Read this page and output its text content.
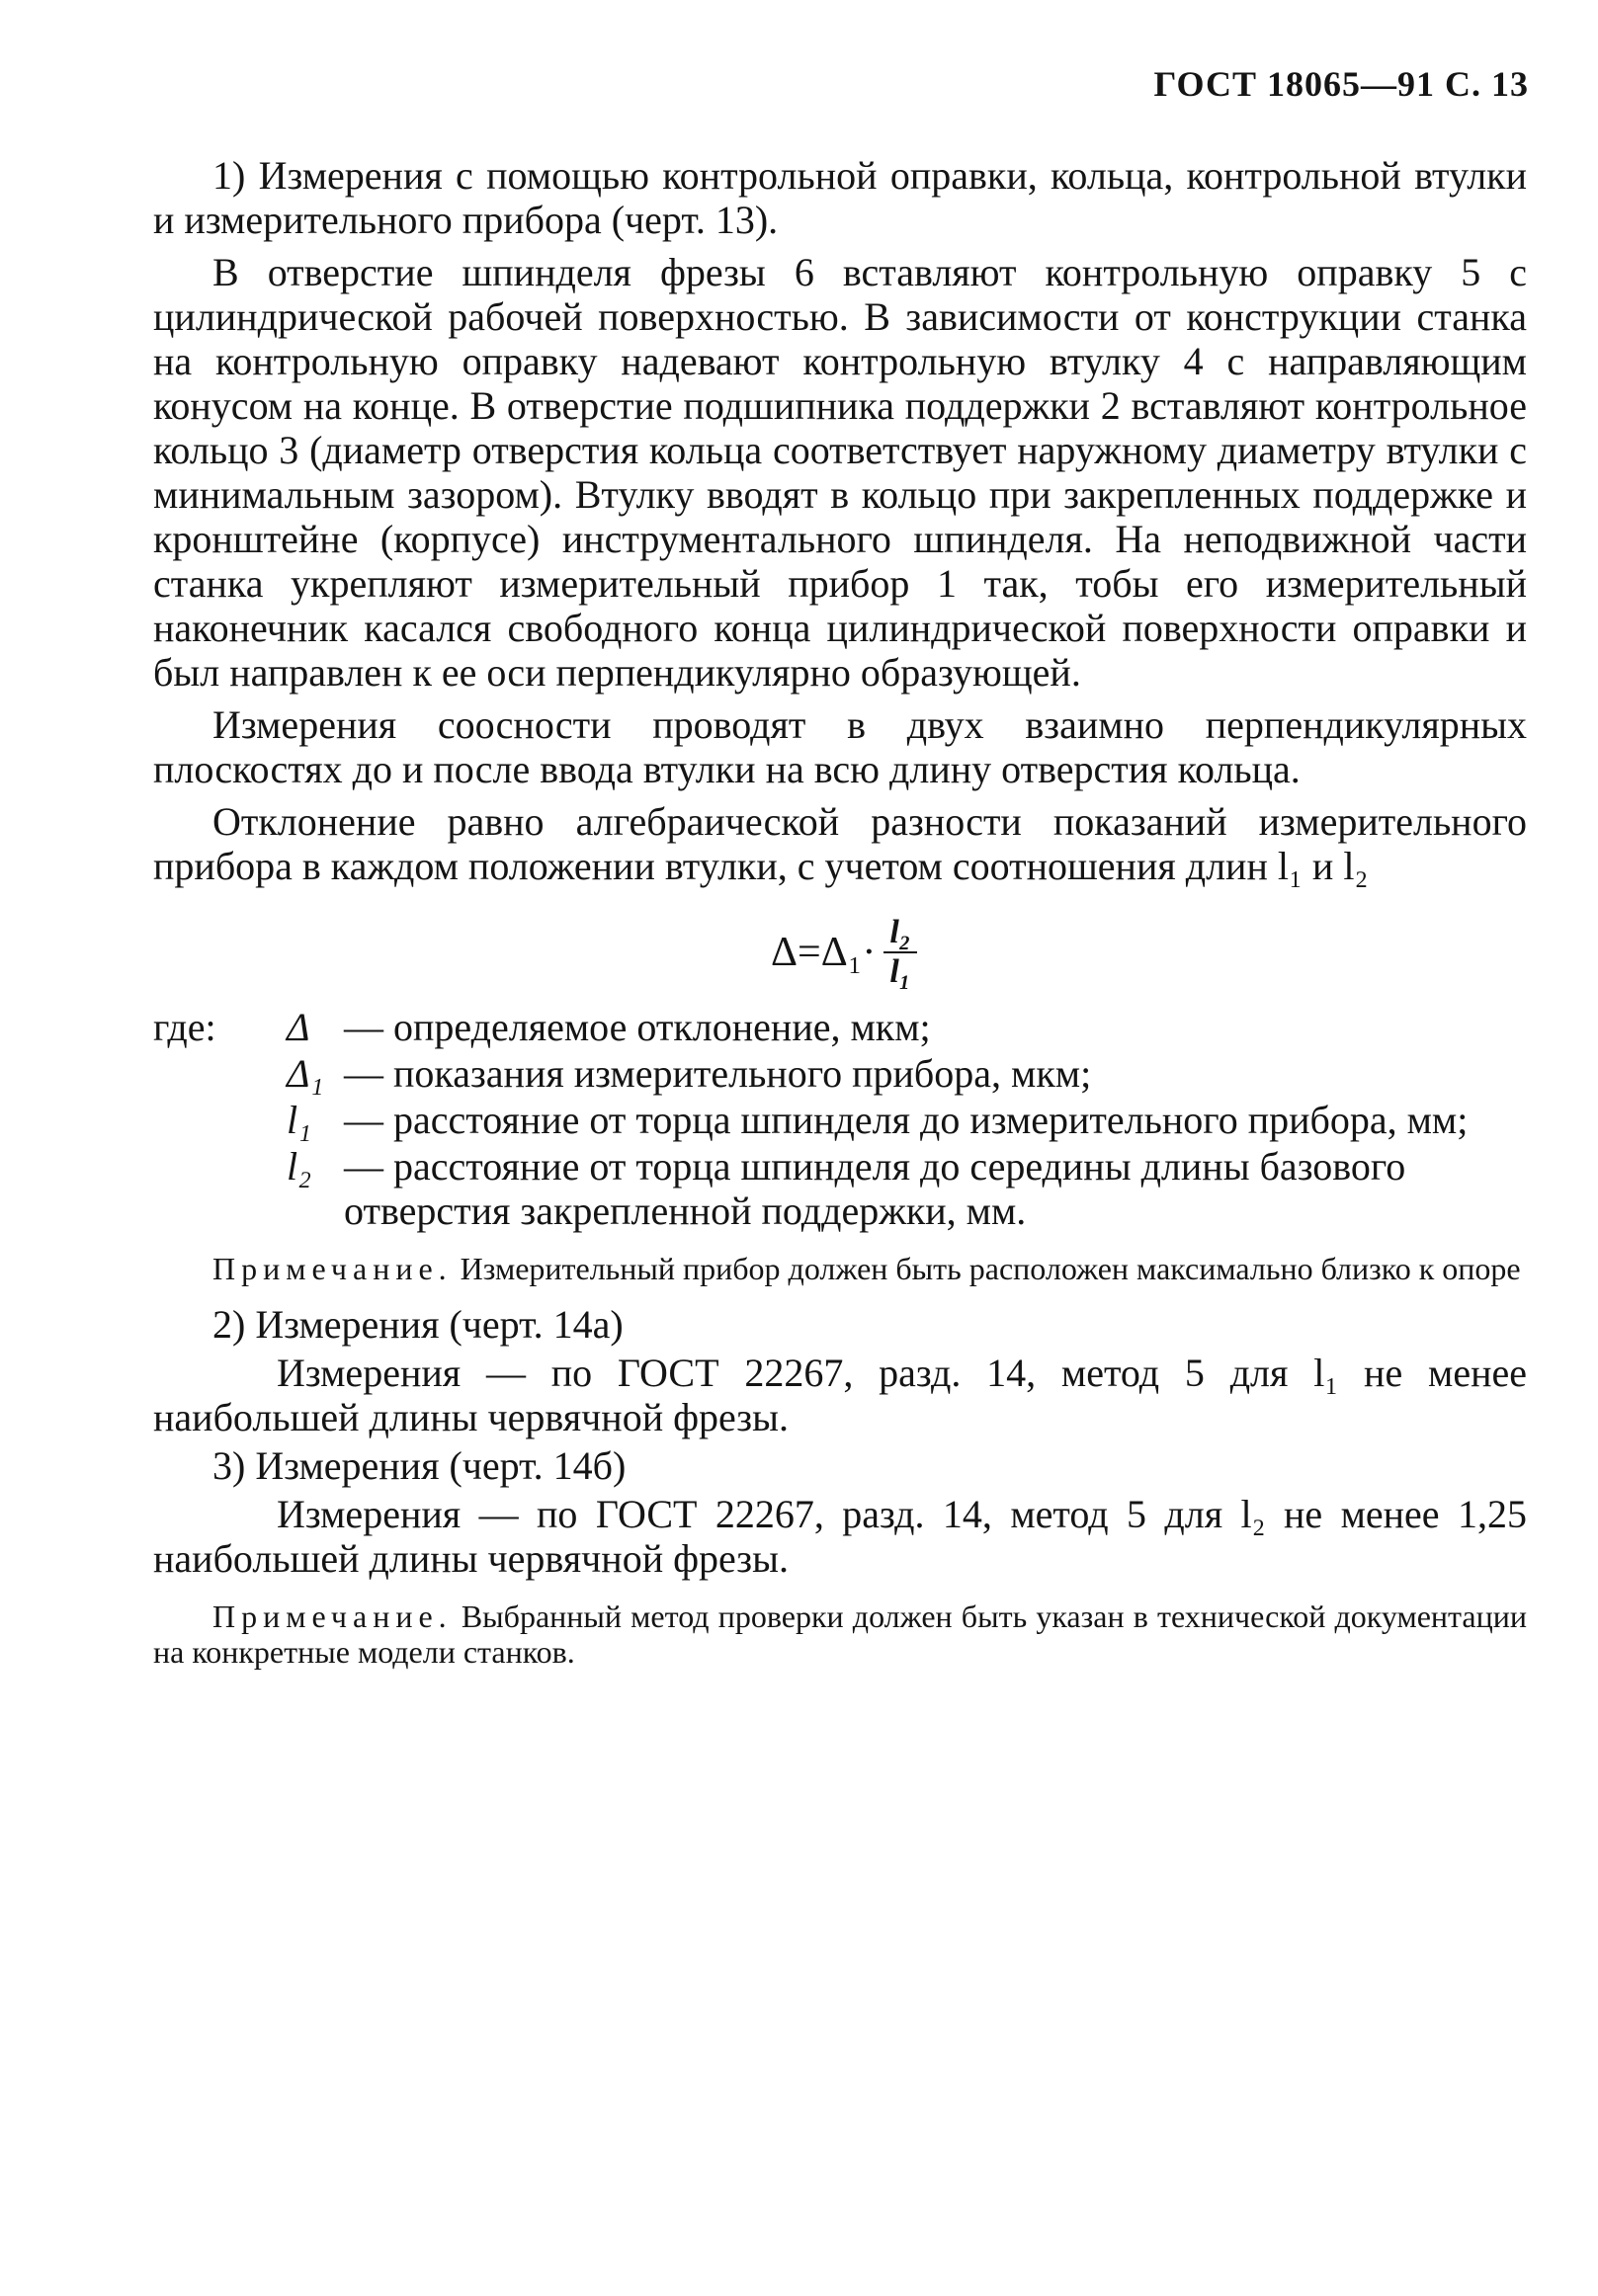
ГОСТ 18065—91 С. 13

1) Измерения с помощью контрольной оправки, кольца, контрольной втулки и измерительного прибора (черт. 13).

В отверстие шпинделя фрезы 6 вставляют контрольную оправку 5 с цилиндрической рабочей поверхностью. В зависимости от конструкции станка на контрольную оправку надевают контрольную втулку 4 с направляющим конусом на конце. В отверстие подшипника поддержки 2 вставляют контрольное кольцо 3 (диаметр отверстия кольца соответствует наружному диаметру втулки с минимальным зазором). Втулку вводят в кольцо при закрепленных поддержке и кронштейне (корпусе) инструментального шпинделя. На неподвижной части станка укрепляют измерительный прибор 1 так, тобы его измерительный наконечник касался свободного конца цилиндрической поверхности оправки и был направлен к ее оси перпендикулярно образующей.

Измерения соосности проводят в двух взаимно перпендикулярных плоскостях до и после ввода втулки на всю длину отверстия кольца.

Отклонение равно алгебраической разности показаний измерительного прибора в каждом положении втулки, с учетом соотношения длин l₁ и l₂

$\Delta=\Delta_1\cdot \frac{\text{l₂}}{\text{l₁}}$
где:	Δ — определяемое отклонение, мкм;
Δ₁ — показания измерительного прибора, мкм;
l₁ — расстояние от торца шпинделя до измерительного прибора, мм;
l₂ — расстояние от торца шпинделя до середины длины базового отверстия закрепленной поддержки, мм.

Примечание. Измерительный прибор должен быть расположен максимально близко к опоре

2) Измерения (черт. 14а)

Измерения — по ГОСТ 22267, разд. 14, метод 5 для l₁ не менее наибольшей длины червячной фрезы.

3) Измерения (черт. 14б)

Измерения — по ГОСТ 22267, разд. 14, метод 5 для l₂ не менее 1,25 наибольшей длины червячной фрезы.

Примечание. Выбранный метод проверки должен быть указан в технической документации на конкретные модели станков.
